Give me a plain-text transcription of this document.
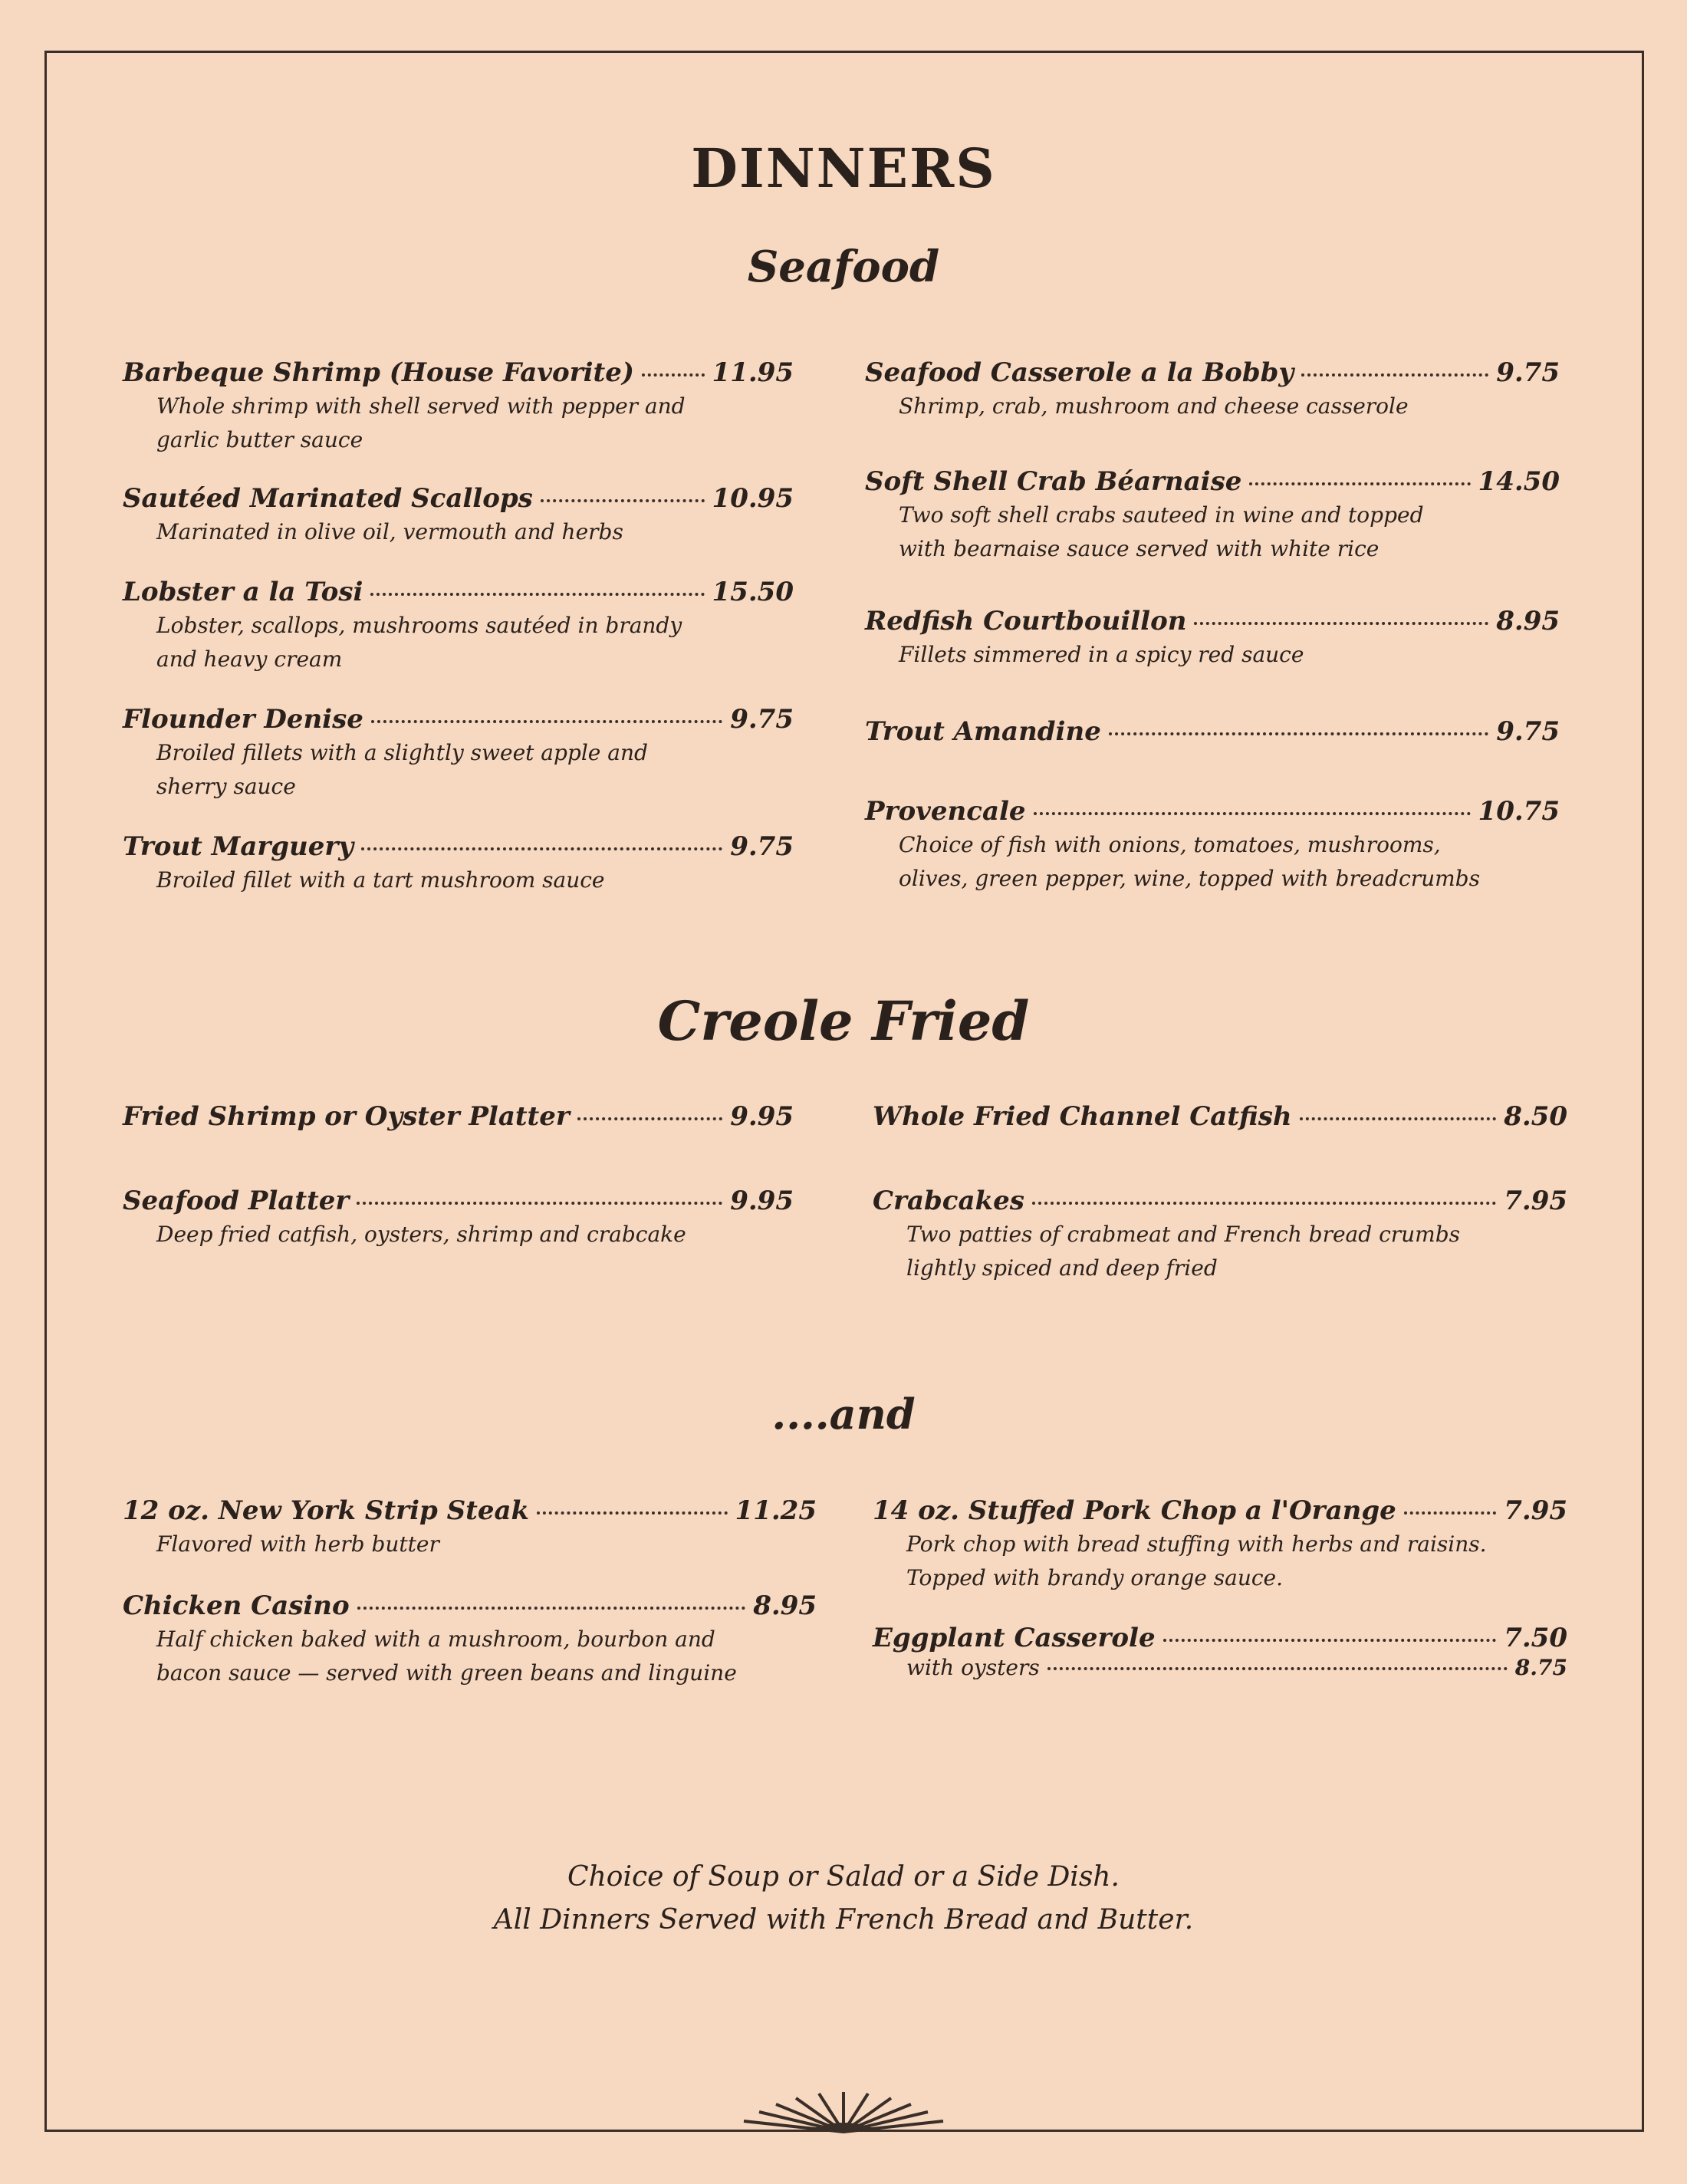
DINNERS
Seafood
Creole Fried
....and
Barbeque Shrimp (House Favorite)	11.95
Whole shrimp with shell served with pepper and garlic butter sauce
Sautéed Marinated Scallops	10.95
Marinated in olive oil, vermouth and herbs
Lobster a la Tosi	15.50
Lobster, scallops, mushrooms sautéed in brandy and heavy cream
Flounder Denise	9.75
Broiled fillets with a slightly sweet apple and sherry sauce
Trout Marguery	9.75
Broiled fillet with a tart mushroom sauce
Seafood Casserole a la Bobby	9.75
Shrimp, crab, mushroom and cheese casserole
Soft Shell Crab Béarnaise	14.50
Two soft shell crabs sauteed in wine and topped with bearnaise sauce served with white rice
Redfish Courtbouillon	8.95
Fillets simmered in a spicy red sauce
Trout Amandine	9.75
Provencale	10.75
Choice of fish with onions, tomatoes, mushrooms, olives, green pepper, wine, topped with breadcrumbs
Fried Shrimp or Oyster Platter	9.95
Seafood Platter	9.95
Deep fried catfish, oysters, shrimp and crabcake
Whole Fried Channel Catfish	8.50
Crabcakes	7.95
Two patties of crabmeat and French bread crumbs lightly spiced and deep fried
12 oz. New York Strip Steak	11.25
Flavored with herb butter
Chicken Casino	8.95
Half chicken baked with a mushroom, bourbon and bacon sauce — served with green beans and linguine
14 oz. Stuffed Pork Chop a l'Orange	7.95
Pork chop with bread stuffing with herbs and raisins. Topped with brandy orange sauce.
Eggplant Casserole	7.50
with oysters	8.75
Choice of Soup or Salad or a Side Dish.
All Dinners Served with French Bread and Butter.
